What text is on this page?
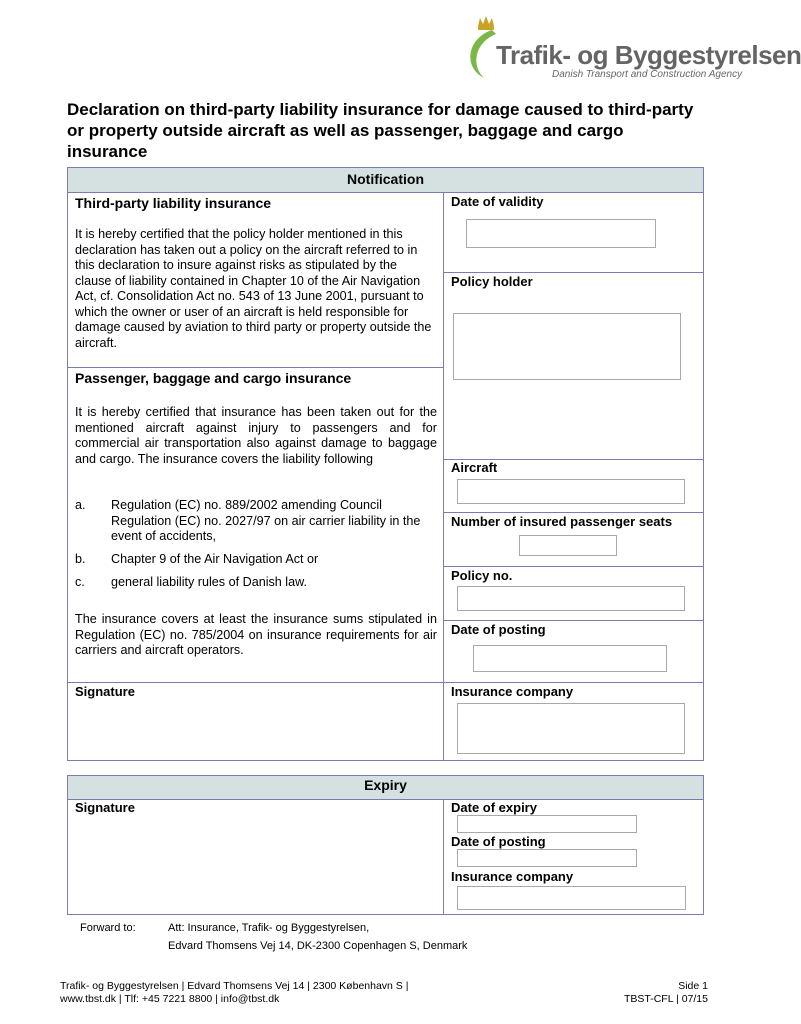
Trafik- og Byggestyrelsen
Danish Transport and Construction Agency
Declaration on third-party liability insurance for damage caused to third-party or property outside aircraft as well as passenger, baggage and cargo insurance
Notification
Third-party liability insurance
It is hereby certified that the policy holder mentioned in this declaration has taken out a policy on the aircraft referred to in this declaration to insure against risks as stipulated by the clause of liability contained in Chapter 10 of the Air Navigation Act, cf. Consolidation Act no. 543 of 13 June 2001, pursuant to which the owner or user of an aircraft is held responsible for damage caused by aviation to third party or property outside the aircraft.
Passenger, baggage and cargo insurance
It is hereby certified that insurance has been taken out for the mentioned aircraft against injury to passengers and for commercial air transportation also against damage to baggage and cargo. The insurance covers the liability following
a. Regulation (EC) no. 889/2002 amending Council Regulation (EC) no. 2027/97 on air carrier liability in the event of accidents,
b. Chapter 9 of the Air Navigation Act or
c. general liability rules of Danish law.
The insurance covers at least the insurance sums stipulated in Regulation (EC) no. 785/2004 on insurance requirements for air carriers and aircraft operators.
Signature
Date of validity
Policy holder
Aircraft
Number of insured passenger seats
Policy no.
Date of posting
Insurance company
Expiry
Signature	Date of expiry
Date of posting
Insurance company
Forward to:	Att: Insurance, Trafik- og Byggestyrelsen,
Edvard Thomsens Vej 14, DK-2300 Copenhagen S, Denmark
Trafik- og Byggestyrelsen | Edvard Thomsens Vej 14 | 2300 København S |
www.tbst.dk | Tlf: +45 7221 8800 | info@tbst.dk
Side 1
TBST-CFL | 07/15
